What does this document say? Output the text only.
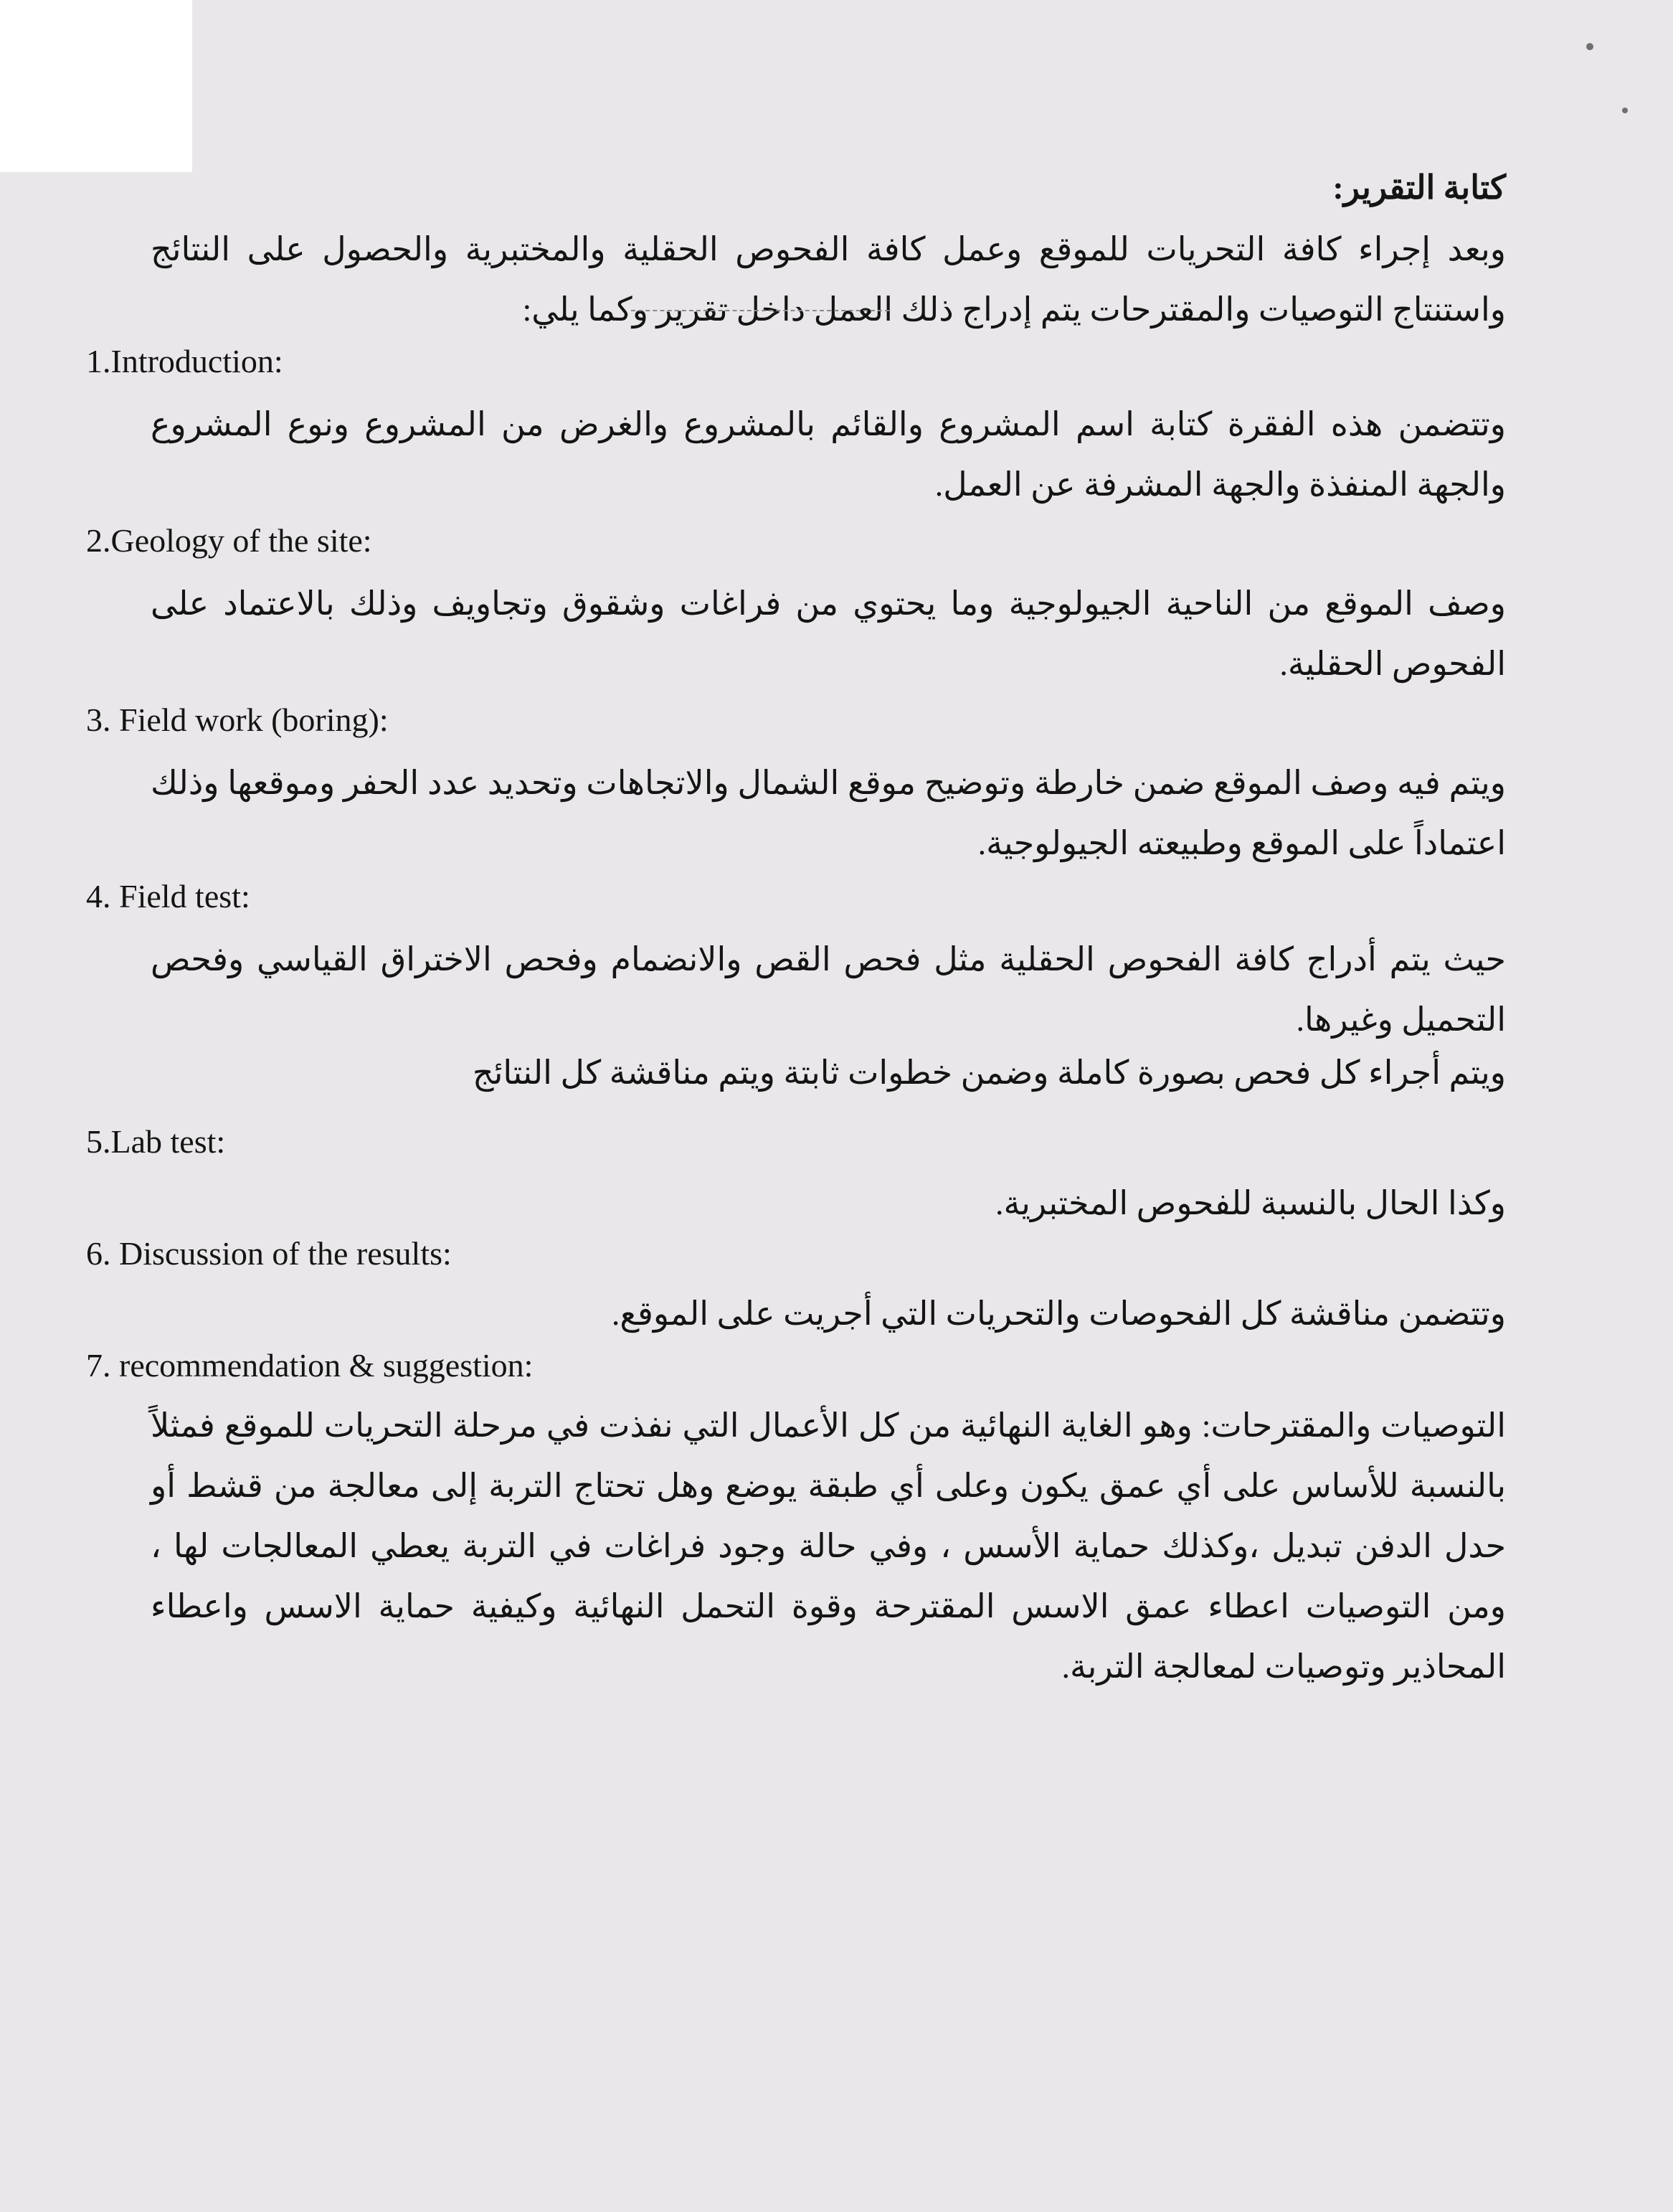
كتابة التقرير:

وبعد إجراء كافة التحريات للموقع وعمل كافة الفحوص الحقلية والمختبرية والحصول على النتائج واستنتاج التوصيات والمقترحات يتم إدراج ذلك العمل داخل تقرير وكما يلي:

1.Introduction:

وتتضمن هذه الفقرة كتابة اسم المشروع والقائم بالمشروع والغرض من المشروع ونوع المشروع والجهة المنفذة والجهة المشرفة عن العمل.

2.Geology of the site:

وصف الموقع من الناحية الجيولوجية وما يحتوي من فراغات وشقوق وتجاويف وذلك بالاعتماد على الفحوص الحقلية.

3. Field work (boring):

ويتم فيه وصف الموقع ضمن خارطة وتوضيح موقع الشمال والاتجاهات وتحديد عدد الحفر وموقعها وذلك اعتماداً على الموقع وطبيعته الجيولوجية.

4. Field test:

حيث يتم أدراج كافة الفحوص الحقلية مثل فحص القص والانضمام وفحص الاختراق القياسي وفحص التحميل وغيرها.

ويتم أجراء كل فحص بصورة كاملة وضمن خطوات ثابتة ويتم مناقشة كل النتائج

5.Lab test:

وكذا الحال بالنسبة للفحوص المختبرية.

6. Discussion of the results:

وتتضمن مناقشة كل الفحوصات والتحريات التي أجريت على الموقع.

7. recommendation & suggestion:

التوصيات والمقترحات: وهو الغاية النهائية من كل الأعمال التي نفذت في مرحلة التحريات للموقع فمثلاً بالنسبة للأساس على أي عمق يكون وعلى أي طبقة يوضع وهل تحتاج التربة إلى معالجة من قشط أو حدل الدفن تبديل ،وكذلك حماية الأسس ، وفي حالة وجود فراغات في التربة يعطي المعالجات لها ، ومن التوصيات اعطاء عمق الاسس المقترحة وقوة التحمل النهائية وكيفية حماية الاسس واعطاء المحاذير وتوصيات لمعالجة التربة.
